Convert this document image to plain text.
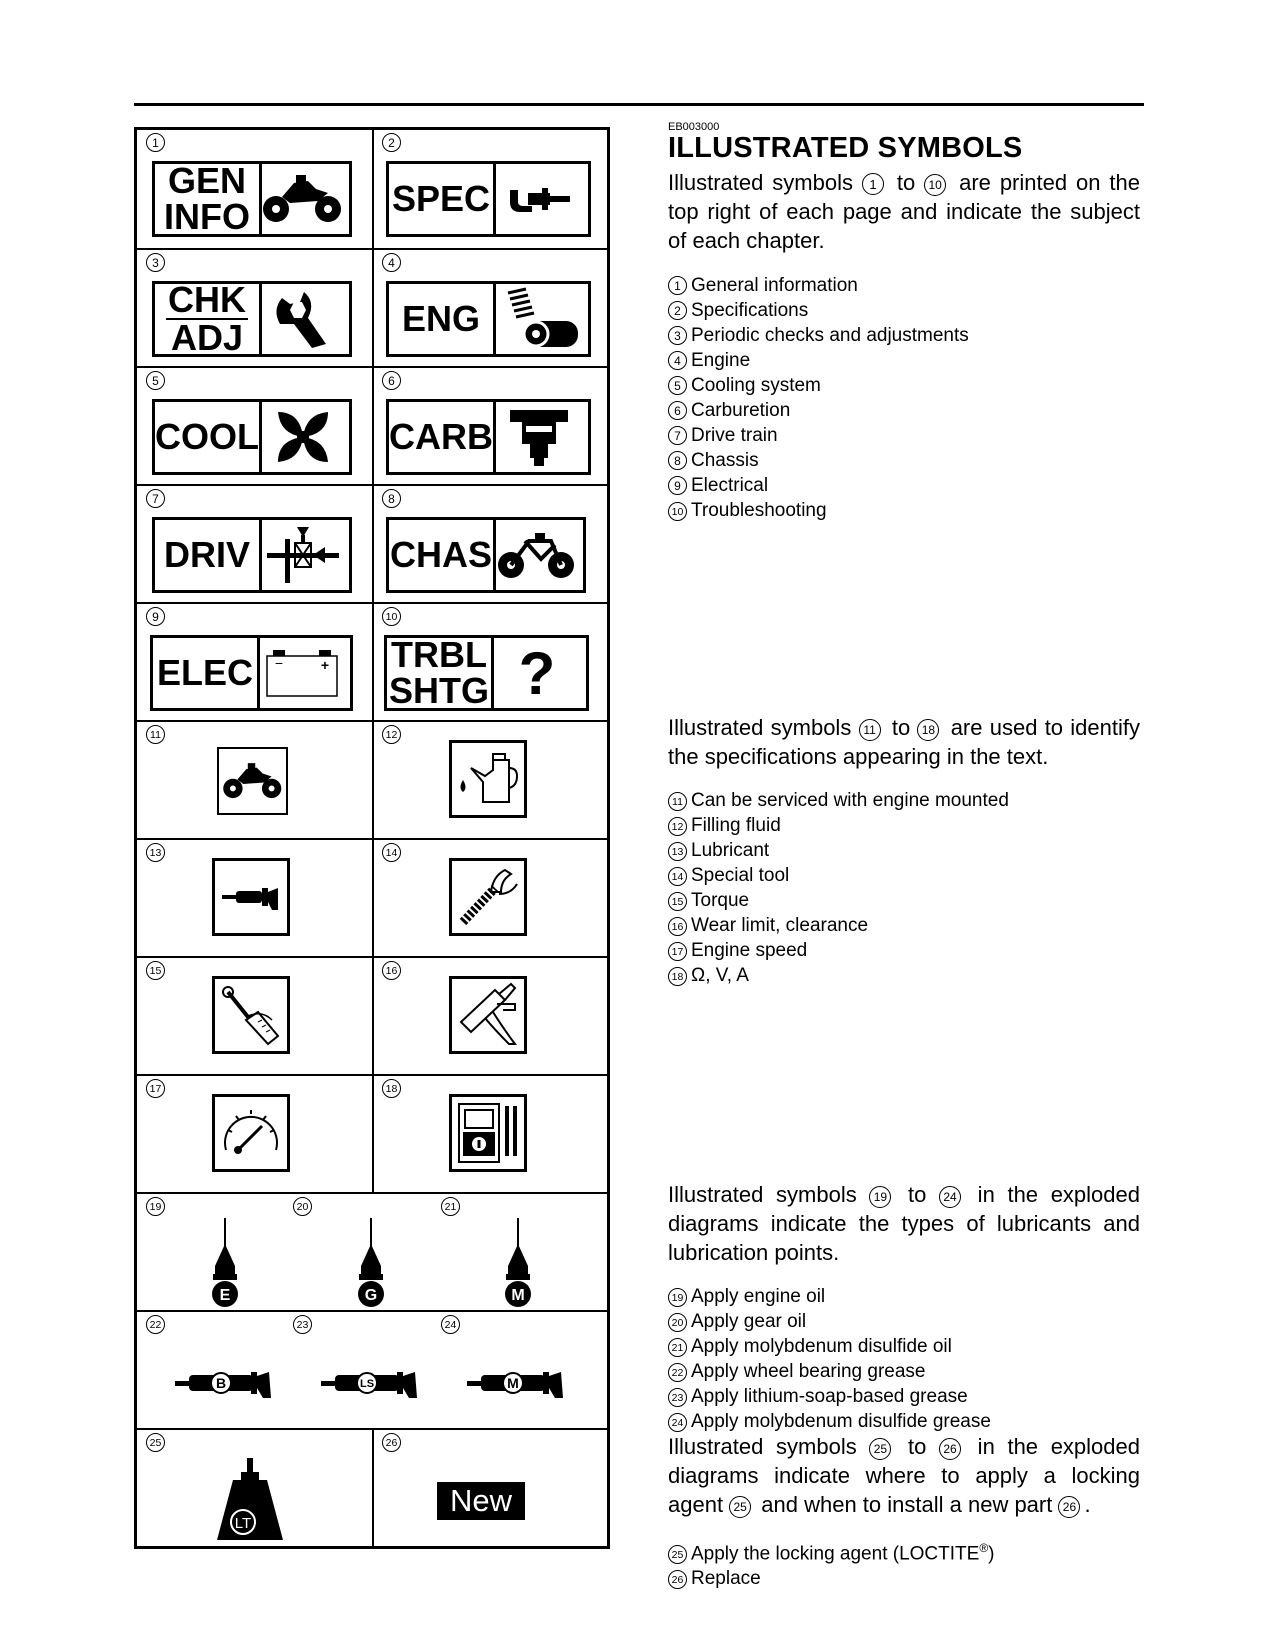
1
GEN
INFO
2
SPEC
3
CHK
ADJ
4
ENG
5
COOL
6
CARB
7
DRIV
8
CHAS
9
ELEC −	+
10
TRBL
SHTG ?
11	12
13	14
15	16
17	18
19	20	21
E	G	M
22	23	24
B	LS	M
25
LT
26
New
EB003000
ILLUSTRATED SYMBOLS
Illustrated symbols 1 to 10 are printed on the top right of each page and indicate the subject of each chapter.
1 General information
2 Specifications
3 Periodic checks and adjustments
4 Engine
5 Cooling system
6 Carburetion
7 Drive train
8 Chassis
9 Electrical
10 Troubleshooting
Illustrated symbols 11 to 18 are used to identify the specifications appearing in the text.
11 Can be serviced with engine mounted
12 Filling fluid
13 Lubricant
14 Special tool
15 Torque
16 Wear limit, clearance
17 Engine speed
18 Ω, V, A
Illustrated symbols 19 to 24 in the exploded diagrams indicate the types of lubricants and lubrication points.
19 Apply engine oil
20 Apply gear oil
21 Apply molybdenum disulfide oil
22 Apply wheel bearing grease
23 Apply lithium-soap-based grease
24 Apply molybdenum disulfide grease
Illustrated symbols 25 to 26 in the exploded diagrams indicate where to apply a locking agent 25 and when to install a new part 26 .
25 Apply the locking agent (LOCTITE®)
26 Replace
